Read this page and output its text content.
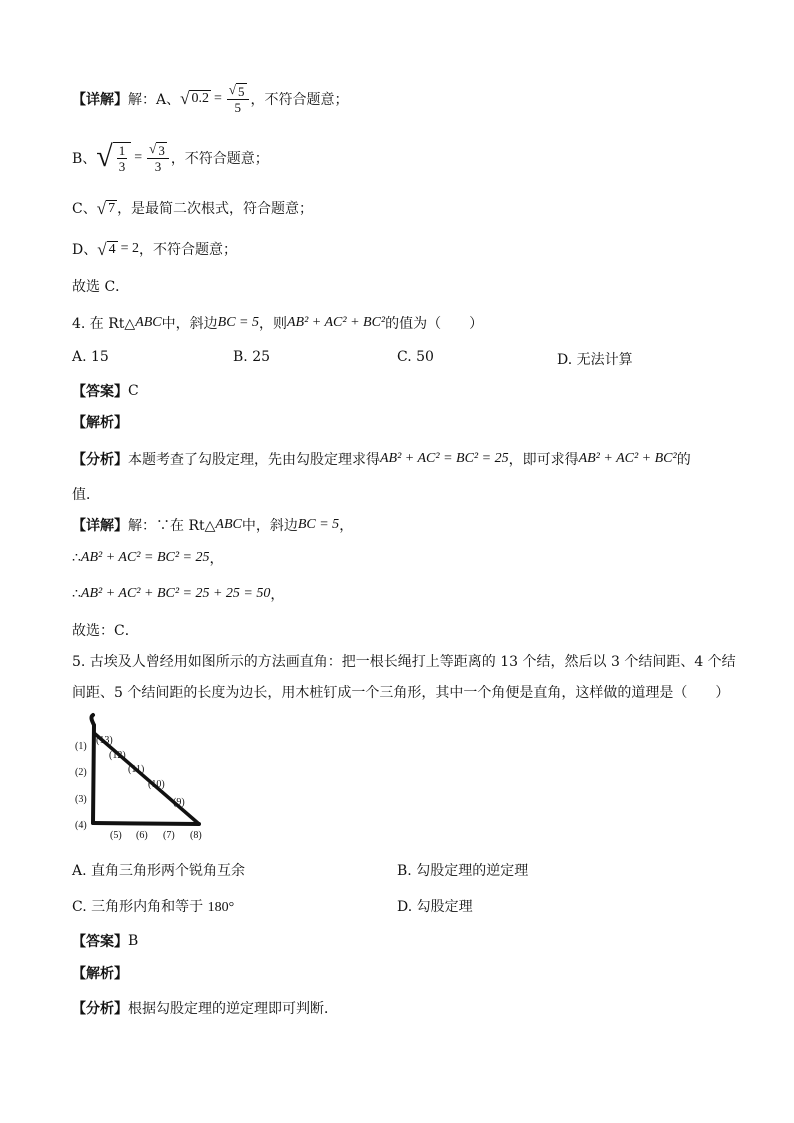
【详解】 解：A、 √ $0.2 = \frac{√ 5}{5}$ ，不符合题意；
B、 √ $\frac{1}{3} = \frac{√ 3}{3}$ ，不符合题意；
C、 √ 7 ，是最简二次根式，符合题意；
D、 √ 4 = 2 ，不符合题意；
故选 C．
4. 在 Rt△ ABC 中，斜边 BC = 5 ，则 AB² + AC² + BC² 的值为（　　）
A. 15	B. 25	C. 50	D. 无法计算
【答案】 C
【解析】
【分析】 本题考查了勾股定理，先由勾股定理求得 AB² + AC² = BC² = 25 ，即可求得 AB² + AC² + BC² 的
值．
【详解】 解：∵在 Rt△ ABC 中，斜边 BC = 5 ，
∴ AB² + AC² = BC² = 25 ，
∴ AB² + AC² + BC² = 25 + 25 = 50 ，
故选：C．
5. 古埃及人曾经用如图所示的方法画直角：把一根长绳打上等距离的 13 个结，然后以 3 个结间距、4 个结
间距、5 个结间距的长度为边长，用木桩钉成一个三角形，其中一个角便是直角，这样做的道理是（　　）
(1)
(2)
(3)
(4)
(5) (6) (7) (8)
(9)
(10)
(11)
(12)
(13)
A. 直角三角形两个锐角互余	B. 勾股定理的逆定理
C. 三角形内角和等于 180°	D. 勾股定理
【答案】 B
【解析】
【分析】 根据勾股定理的逆定理即可判断．
